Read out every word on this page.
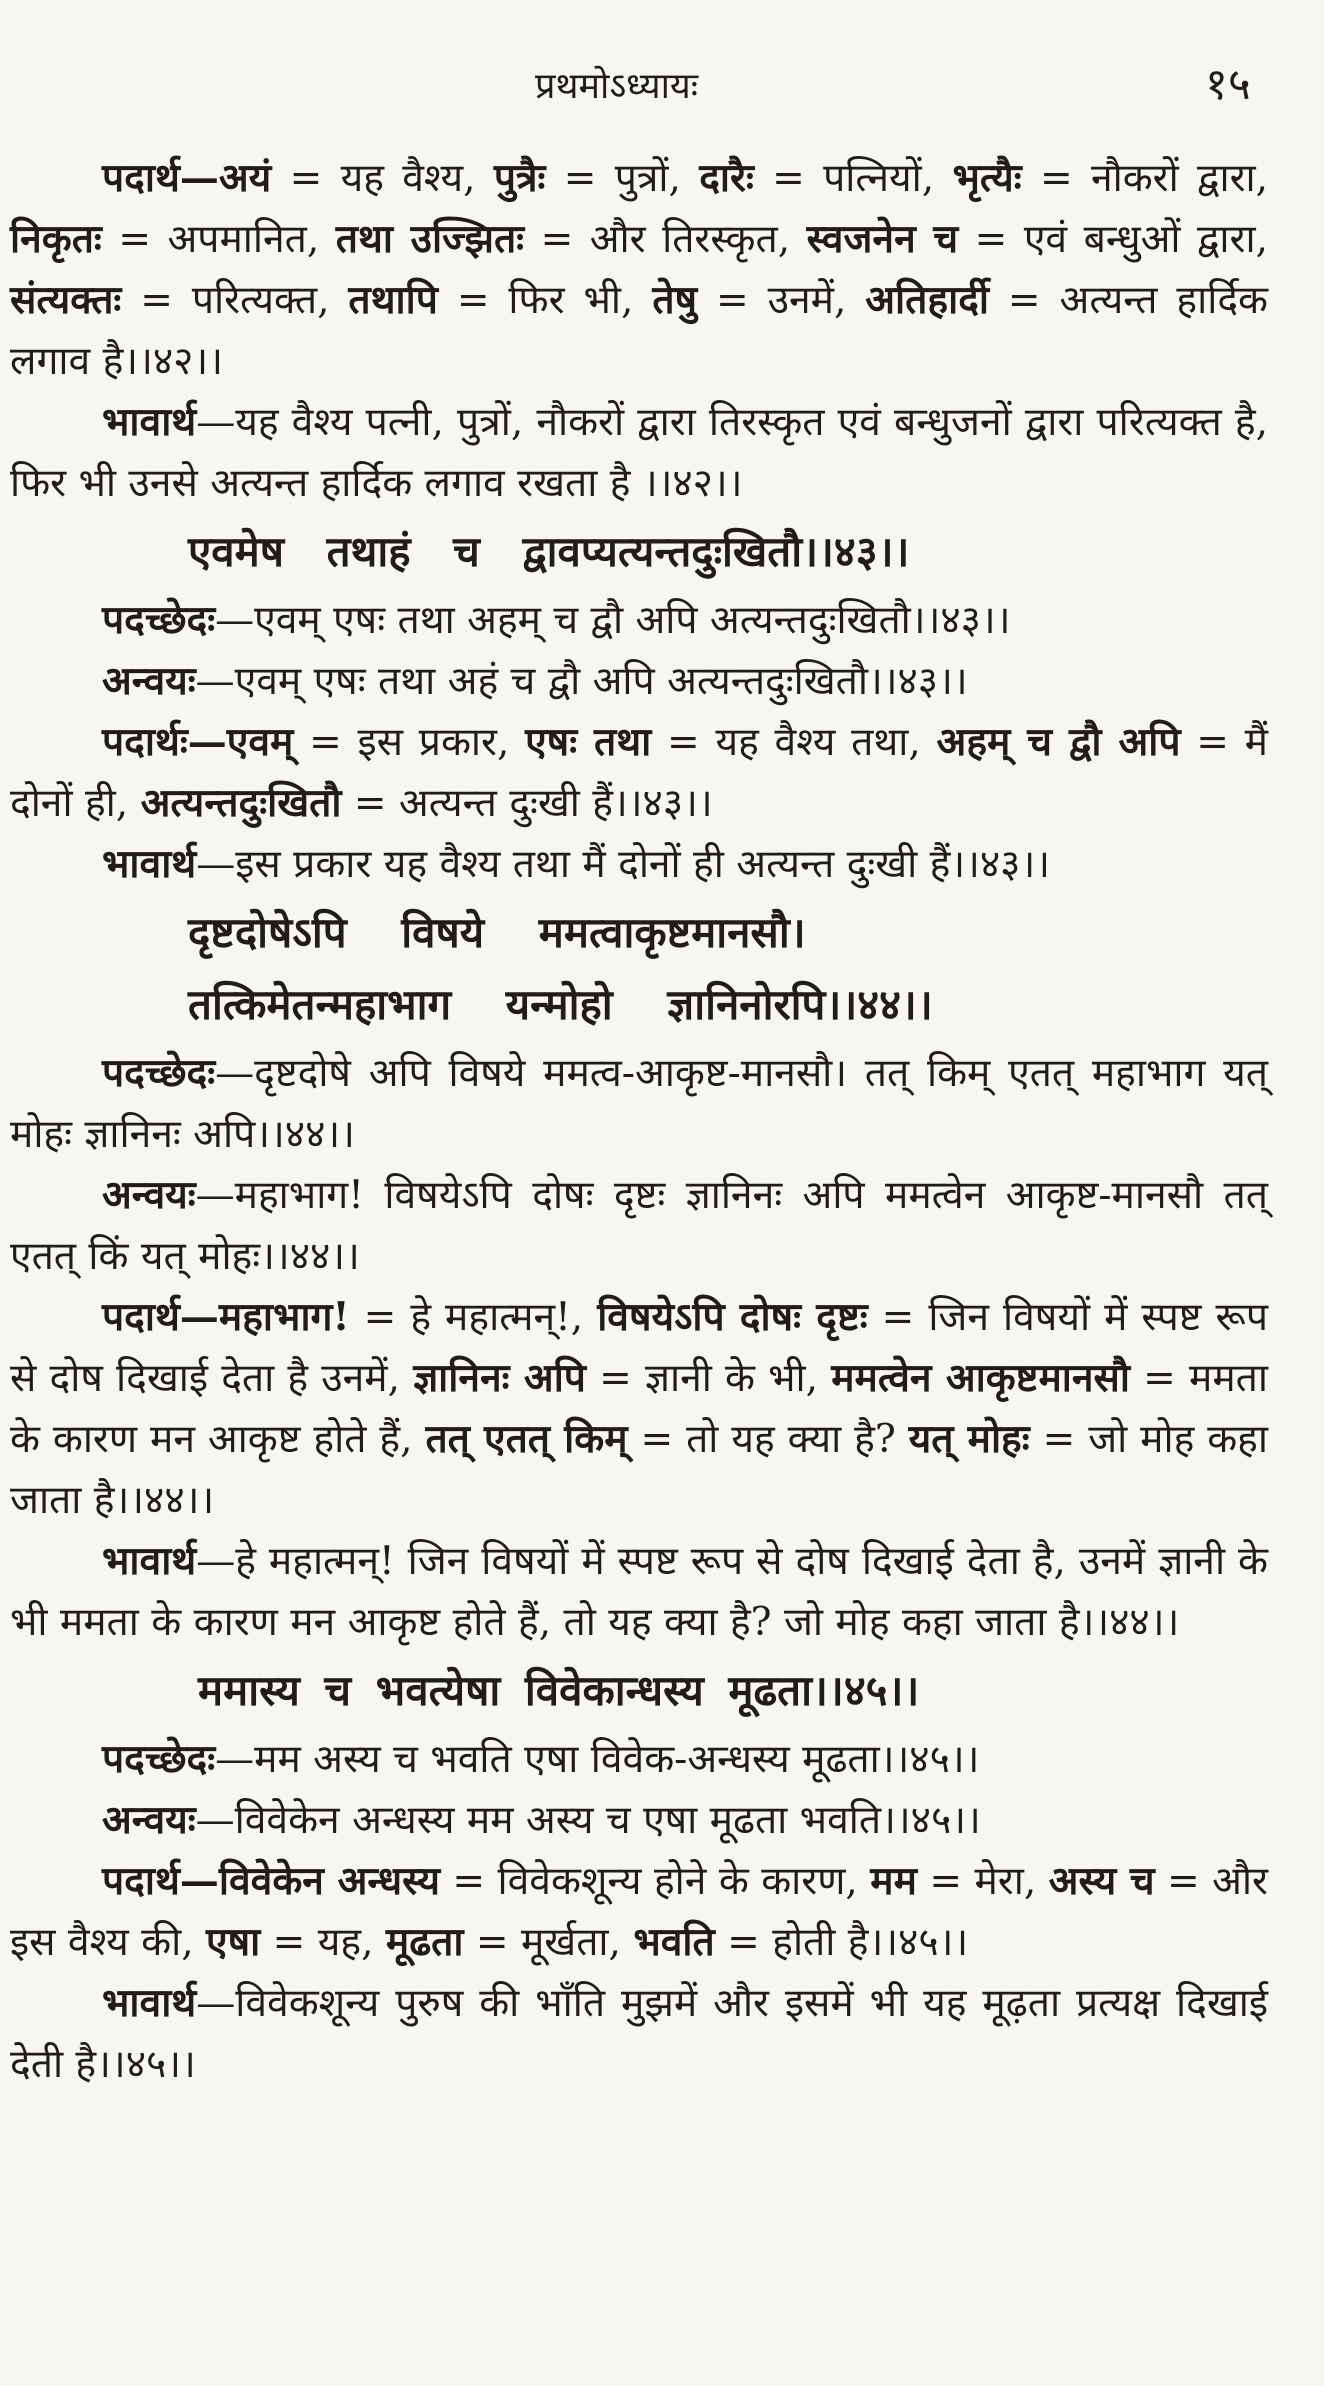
प्रथमोऽध्यायः	१५

पदार्थ—अयं = यह वैश्य, पुत्रैः = पुत्रों, दारैः = पत्नियों, भृत्यैः = नौकरों द्वारा, निकृतः = अपमानित, तथा उज्झितः = और तिरस्कृत, स्वजनेन च = एवं बन्धुओं द्वारा, संत्यक्तः = परित्यक्त, तथापि = फिर भी, तेषु = उनमें, अतिहार्दी = अत्यन्त हार्दिक लगाव है।।४२।।

भावार्थ—यह वैश्य पत्नी, पुत्रों, नौकरों द्वारा तिरस्कृत एवं बन्धुजनों द्वारा परित्यक्त है, फिर भी उनसे अत्यन्त हार्दिक लगाव रखता है ।।४२।।

एवमेष तथाहं च द्वावप्यत्यन्तदुःखितौ।।४३।।

पदच्छेदः—एवम् एषः तथा अहम् च द्वौ अपि अत्यन्तदुःखितौ।।४३।।

अन्वयः—एवम् एषः तथा अहं च द्वौ अपि अत्यन्तदुःखितौ।।४३।।

पदार्थः—एवम् = इस प्रकार, एषः तथा = यह वैश्य तथा, अहम् च द्वौ अपि = मैं दोनों ही, अत्यन्तदुःखितौ = अत्यन्त दुःखी हैं।।४३।।

भावार्थ—इस प्रकार यह वैश्य तथा मैं दोनों ही अत्यन्त दुःखी हैं।।४३।।

दृष्टदोषेऽपि विषये ममत्वाकृष्टमानसौ।

तत्किमेतन्महाभाग यन्मोहो ज्ञानिनोरपि।।४४।।

पदच्छेदः—दृष्टदोषे अपि विषये ममत्व-आकृष्ट-मानसौ। तत् किम् एतत् महाभाग यत् मोहः ज्ञानिनः अपि।।४४।।

अन्वयः—महाभाग! विषयेऽपि दोषः दृष्टः ज्ञानिनः अपि ममत्वेन आकृष्ट-मानसौ तत् एतत् किं यत् मोहः।।४४।।

पदार्थ—महाभाग! = हे महात्मन्!, विषयेऽपि दोषः दृष्टः = जिन विषयों में स्पष्ट रूप से दोष दिखाई देता है उनमें, ज्ञानिनः अपि = ज्ञानी के भी, ममत्वेन आकृष्टमानसौ = ममता के कारण मन आकृष्ट होते हैं, तत् एतत् किम् = तो यह क्या है? यत् मोहः = जो मोह कहा जाता है।।४४।।

भावार्थ—हे महात्मन्! जिन विषयों में स्पष्ट रूप से दोष दिखाई देता है, उनमें ज्ञानी के भी ममता के कारण मन आकृष्ट होते हैं, तो यह क्या है? जो मोह कहा जाता है।।४४।।

ममास्य च भवत्येषा विवेकान्धस्य मूढता।।४५।।

पदच्छेदः—मम अस्य च भवति एषा विवेक-अन्धस्य मूढता।।४५।।

अन्वयः—विवेकेन अन्धस्य मम अस्य च एषा मूढता भवति।।४५।।

पदार्थ—विवेकेन अन्धस्य = विवेकशून्य होने के कारण, मम = मेरा, अस्य च = और इस वैश्य की, एषा = यह, मूढता = मूर्खता, भवति = होती है।।४५।।

भावार्थ—विवेकशून्य पुरुष की भाँति मुझमें और इसमें भी यह मूढ़ता प्रत्यक्ष दिखाई देती है।।४५।।
